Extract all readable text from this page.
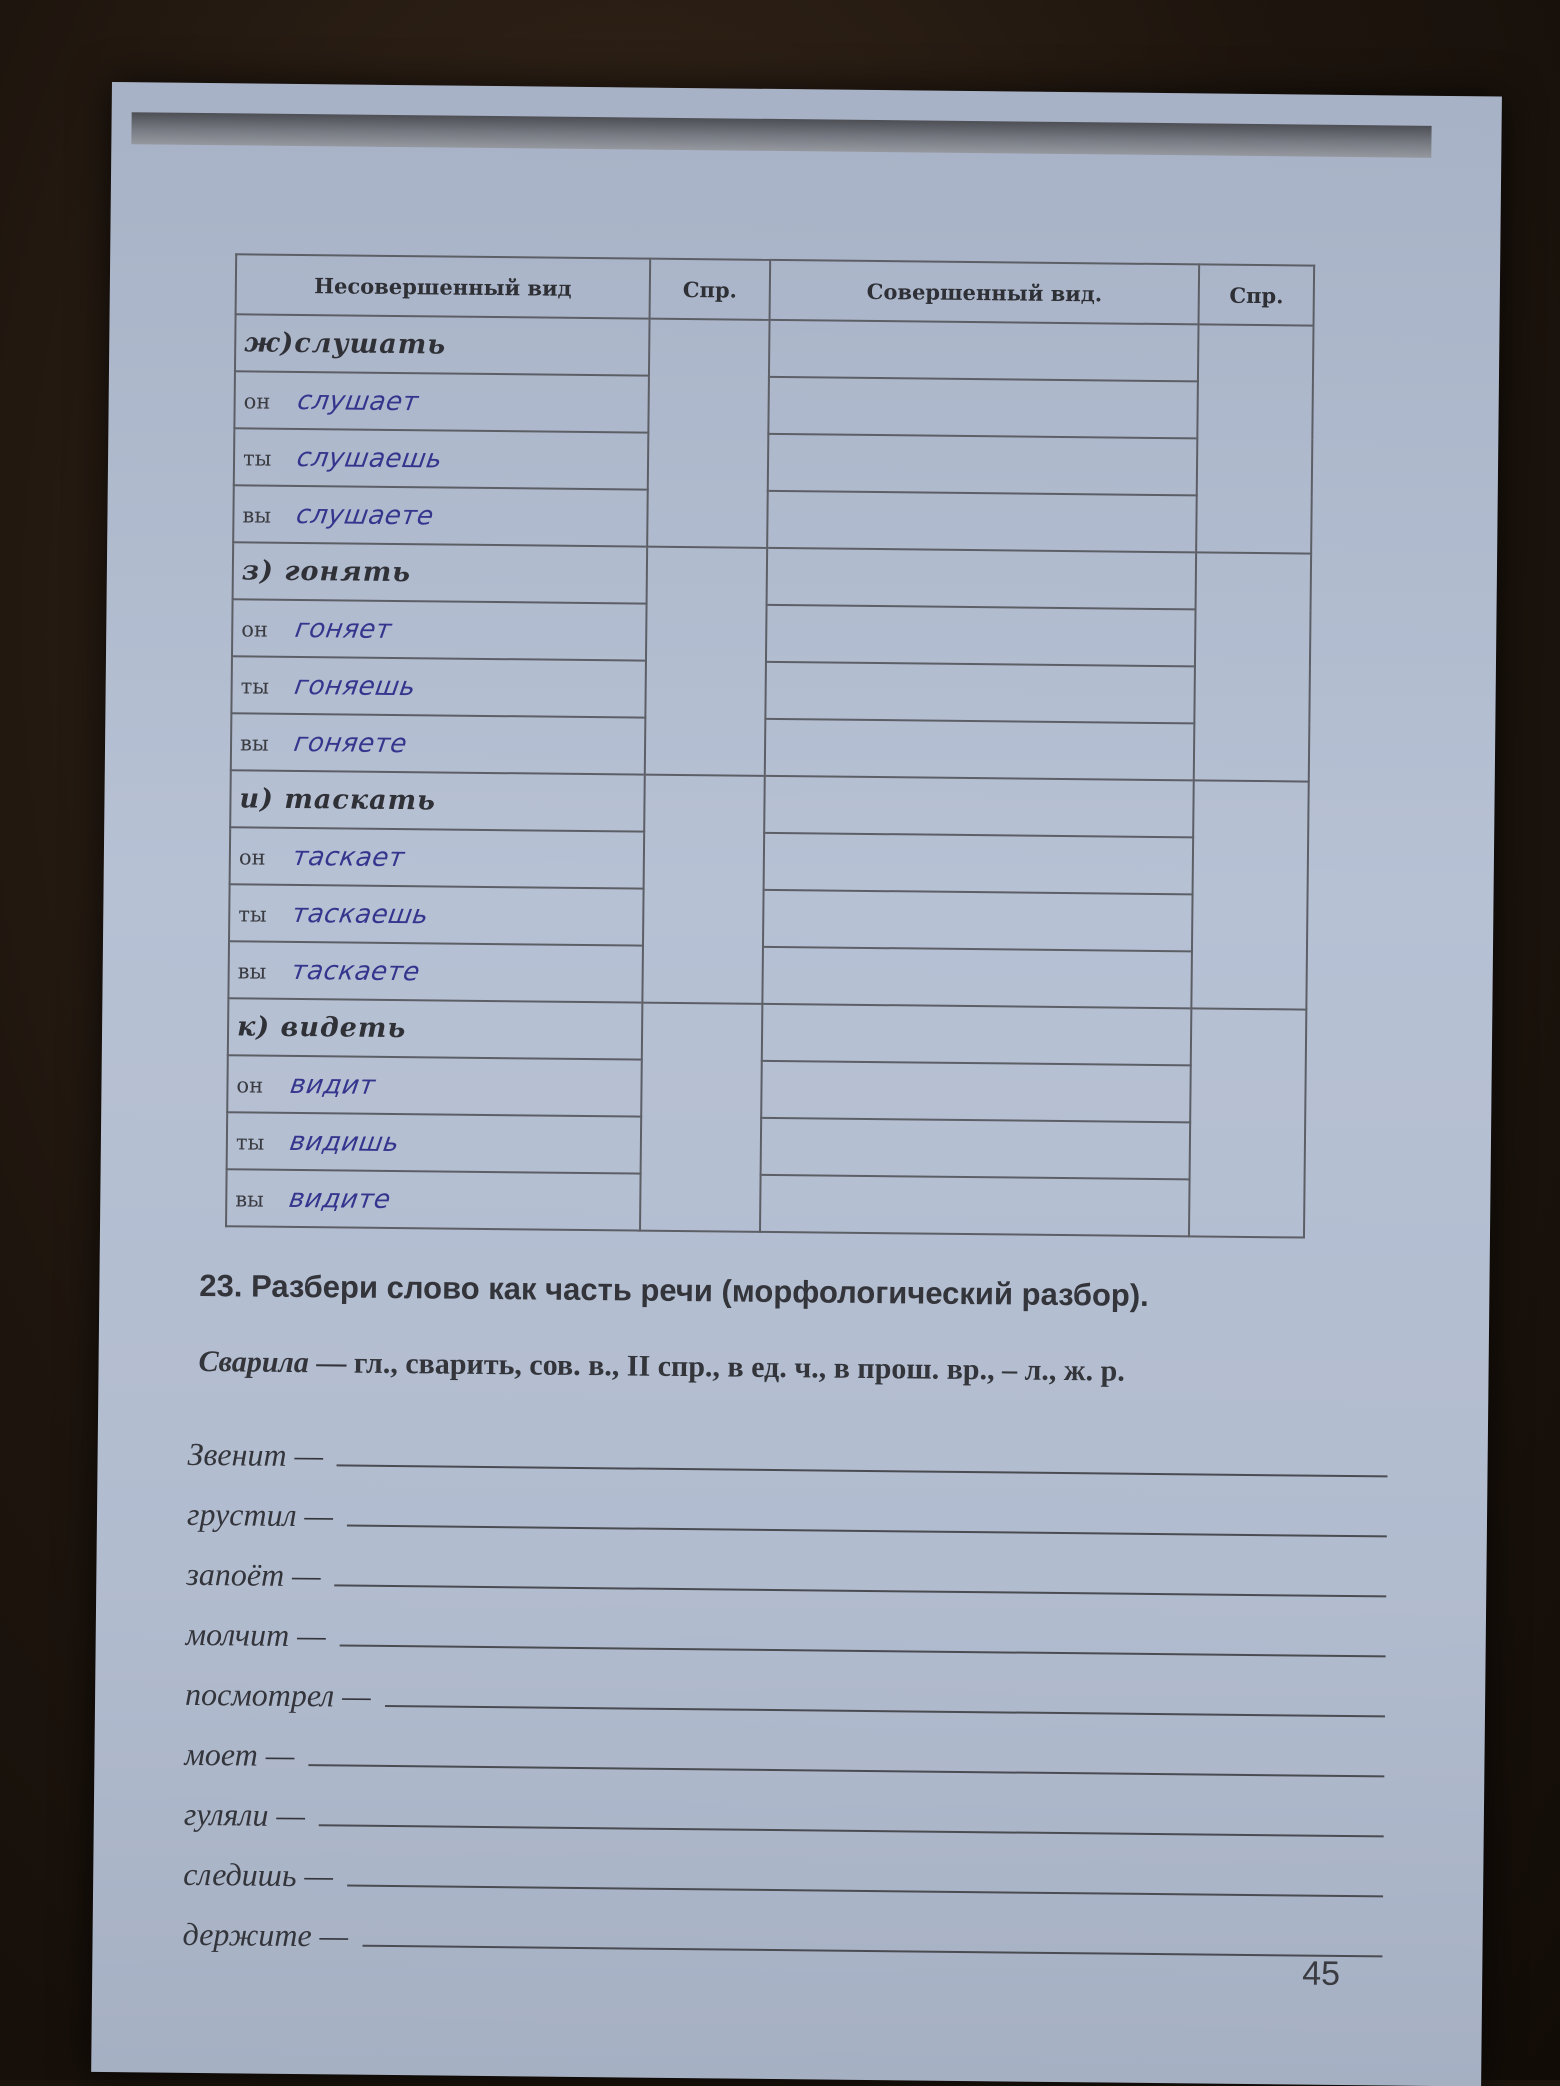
Несовершенный вид	Спр.	Совершенный вид.	Спр.
ж)слушать			
он слушает			
ты слушаешь			
вы слушаете			
з) гонять			
он гоняет			
ты гоняешь			
вы гоняете			
и) таскать			
он таскает			
ты таскаешь			
вы таскаете			
к) видеть			
он видит			
ты видишь			
вы видите			
23. Разбери слово как часть речи (морфологический разбор).
Сварила — гл., сварить, сов. в., II спр., в ед. ч., в прош. вр., – л., ж. р.
Звенит —
грустил —
запоёт —
молчит —
посмотрел —
моет —
гуляли —
следишь —
держите —
45
